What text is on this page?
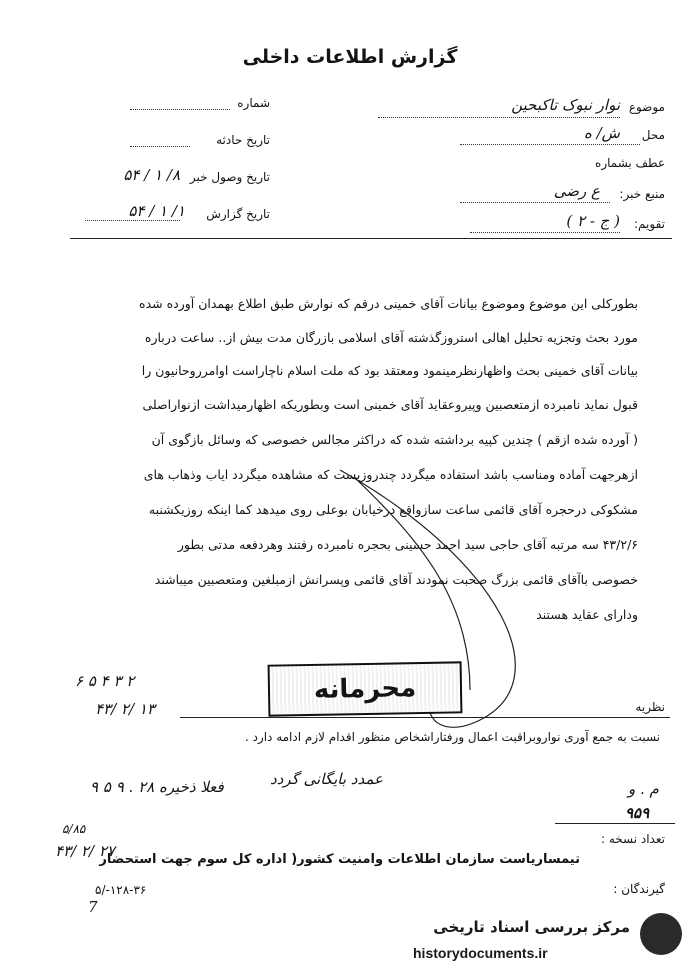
گزارش اطلاعات داخلی
موضوع
نوار نبوک تاکبحین
محل
ش/ ه
عطف بشماره
منبع خبر:
ع رضی
تقویم:
( ج - ۲ )
شماره
تاریخ حادثه
تاریخ وصول خبر
۸/ ۱ / ۵۴
تاریخ گزارش
۱/ ۱ / ۵۴
بطورکلی این موضوع وموضوع بیانات آقای خمینی درقم که نوارش طبق اطلاع بهمدان آورده شده
مورد بحث وتجزیه تحلیل اهالی استروزگذشته آقای اسلامی بازرگان مدت بیش از.. ساعت درباره
بیانات آقای خمینی بحث واظهارنظرمینمود ومعتقد بود که ملت اسلام ناچاراست اوامرروحانیون را
قبول نماید نامبرده ازمتعصبین وپیروعقاید آقای خمینی است وبطوریکه اظهارمیداشت ازنواراصلی
( آورده شده ازقم ) چندین کپیه برداشته شده که دراکثر مجالس خصوصی که وسائل بازگوی آن
ازهرجهت آماده ومناسب باشد استفاده میگردد چندروزیست که مشاهده میگردد ایاب وذهاب های
مشکوکی درحجره آقای قائمی ساعت سازواقع درخیابان بوعلی روی میدهد کما اینکه روزیکشنبه
۴۳/۲/۶ سه مرتبه آقای حاجی سید احمد حسینی بحجره نامبرده رفتند وهردفعه مدتی بطور
خصوصی باآقای قائمی بزرگ صحبت نمودند آقای قائمی وپسرانش ازمبلغین ومتعصبین میباشند
ودارای عقاید هستند
محرمانه
۶ ۵ ۴ ۳ ۲
۴۳/ ۲/ ۱۳	نظریه
نسبت به جمع آوری نواروبراقبت اعمال ورفتاراشخاص منظور اقدام لازم ادامه دارد .
فعلا ذخیره ۲۸ . ۹ ۵ ۹	عمدد بایگانی گردد
م . و
۹۵۹
تعداد نسخه :
گیرندگان :
تیمساریاست سازمان اطلاعات وامنیت کشور( اداره کل سوم جهت استحضار
۵/۸۵
۴۳/ ۲/ ۲۷
۵/-۱۲۸-۳۶
7
مرکز بررسی اسناد تاریخی
historydocuments.ir
